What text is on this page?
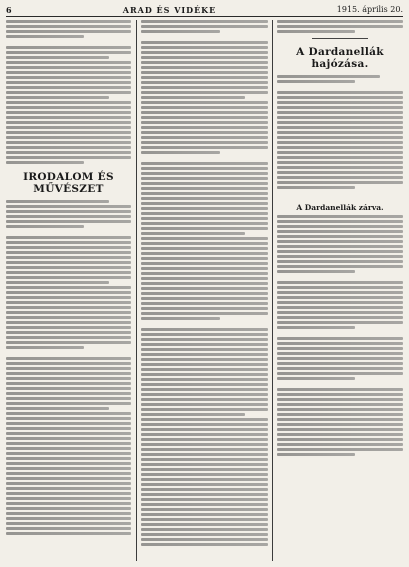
6	ARAD ÉS VIDÉKE	1915. április 20.
IRODALOM ÉS MŰVÉSZET
A Dardanellák hajózása.
A Dardanellák zárva.
